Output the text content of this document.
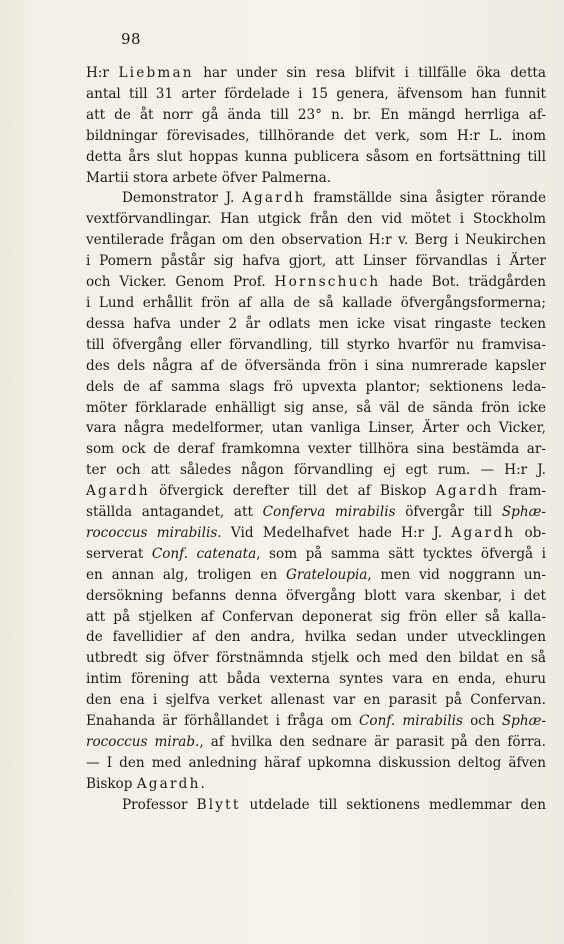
98
H:r Liebman har under sin resa blifvit i tillfälle öka detta
antal till 31 arter fördelade i 15 genera, äfvensom han funnit
att de åt norr gå ända till 23° n. br. En mängd herrliga af-
bildningar förevisades, tillhörande det verk, som H:r L. inom
detta års slut hoppas kunna publicera såsom en fortsättning till
Martii stora arbete öfver Palmerna.
Demonstrator J. Agardh framställde sina åsigter rörande
vextförvandlingar. Han utgick från den vid mötet i Stockholm
ventilerade frågan om den observation H:r v. Berg i Neukirchen
i Pomern påstår sig hafva gjort, att Linser förvandlas i Ärter
och Vicker. Genom Prof. Hornschuch hade Bot. trädgården
i Lund erhållit frön af alla de så kallade öfvergångsformerna;
dessa hafva under 2 år odlats men icke visat ringaste tecken
till öfvergång eller förvandling, till styrko hvarför nu framvisa-
des dels några af de öfversända frön i sina numrerade kapsler
dels de af samma slags frö upvexta plantor; sektionens leda-
möter förklarade enhälligt sig anse, så väl de sända frön icke
vara några medelformer, utan vanliga Linser, Ärter och Vicker,
som ock de deraf framkomna vexter tillhöra sina bestämda ar-
ter och att således någon förvandling ej egt rum. — H:r J.
Agardh öfvergick derefter till det af Biskop Agardh fram-
ställda antagandet, att Conferva mirabilis öfvergår till Sphæ-
rococcus mirabilis. Vid Medelhafvet hade H:r J. Agardh ob-
serverat Conf. catenata, som på samma sätt tycktes öfvergå i
en annan alg, troligen en Grateloupia, men vid noggrann un-
dersökning befanns denna öfvergång blott vara skenbar, i det
att på stjelken af Confervan deponerat sig frön eller så kalla-
de favellidier af den andra, hvilka sedan under utvecklingen
utbredt sig öfver förstnämnda stjelk och med den bildat en så
intim förening att båda vexterna syntes vara en enda, ehuru
den ena i sjelfva verket allenast var en parasit på Confervan.
Enahanda är förhållandet i fråga om Conf. mirabilis och Sphæ-
rococcus mirab., af hvilka den sednare är parasit på den förra.
— I den med anledning häraf upkomna diskussion deltog äfven
Biskop Agardh.
Professor Blytt utdelade till sektionens medlemmar den
